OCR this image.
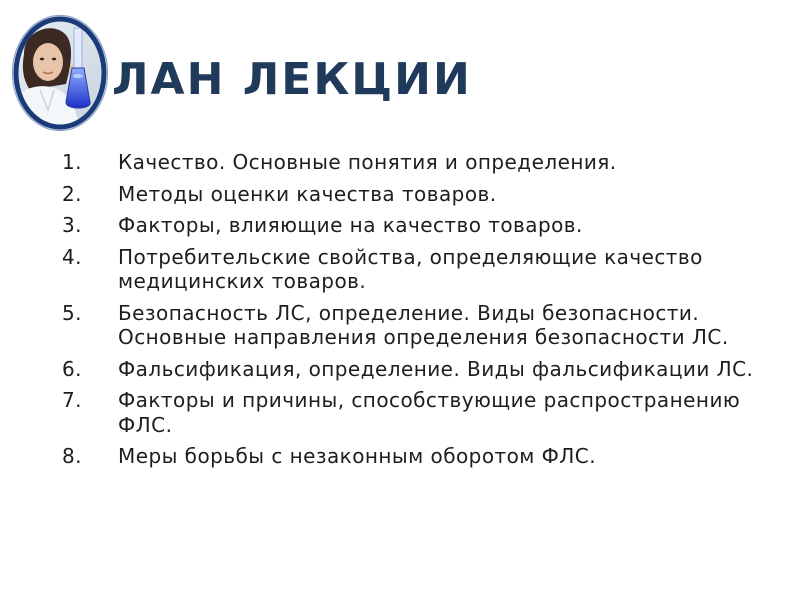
ЛАН ЛЕКЦИИ
1.	Качество. Основные понятия и определения.
2.	Методы оценки качества товаров.
3.	Факторы, влияющие на качество товаров.
4.	Потребительские свойства, определяющие качество медицинских товаров.
5.	Безопасность ЛС, определение. Виды безопасности. Основные направления определения безопасности ЛС.
6.	Фальсификация, определение. Виды фальсификации ЛС.
7.	Факторы и причины, способствующие распространению ФЛС.
8.	Меры борьбы с незаконным оборотом ФЛС.
